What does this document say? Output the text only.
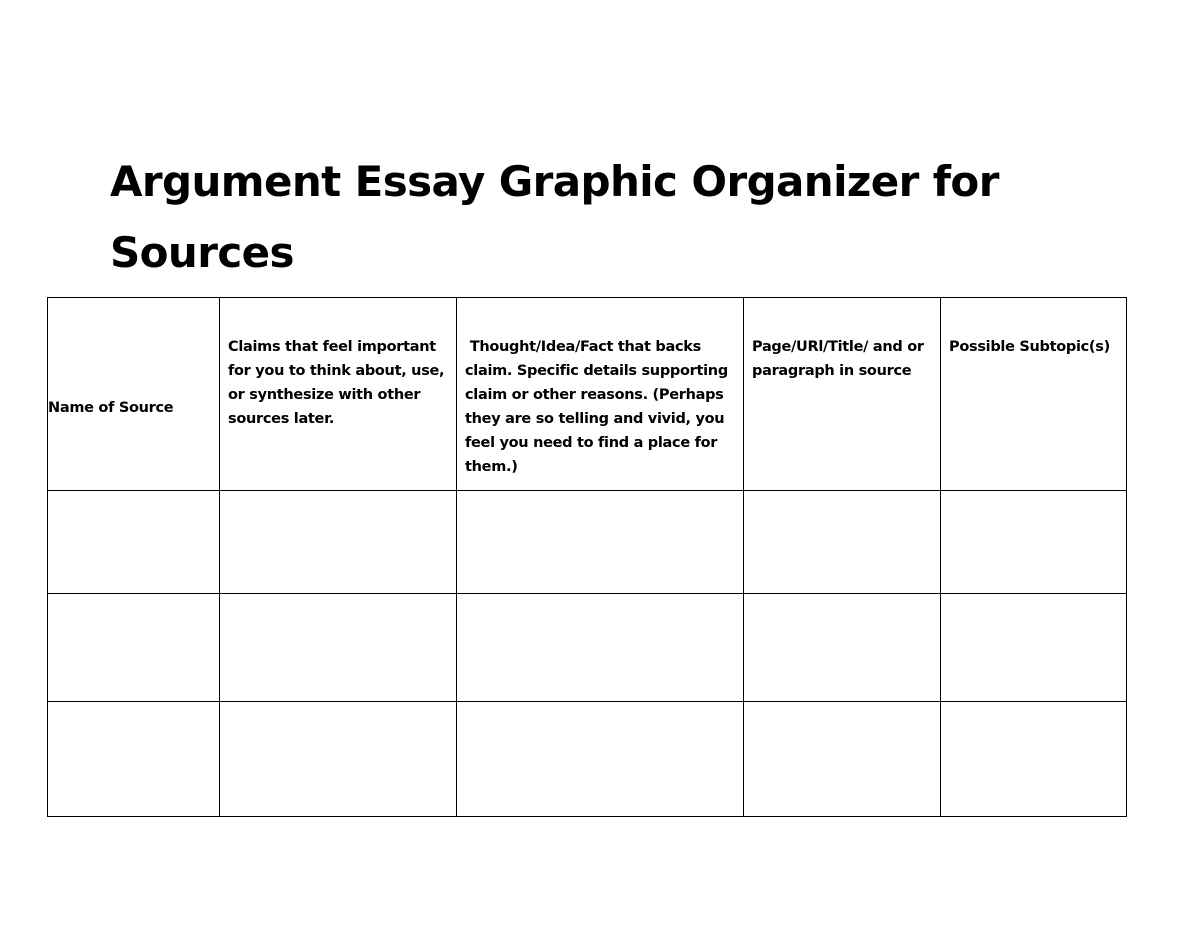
Argument Essay Graphic Organizer for Sources
Name of Source	Claims that feel important for you to think about, use, or synthesize with other sources later.	Thought/Idea/Fact that backs claim. Specific details supporting claim or other reasons. (Perhaps they are so telling and vivid, you feel you need to find a place for them.)	Page/URl/Title/ and or paragraph in source	Possible Subtopic(s)
